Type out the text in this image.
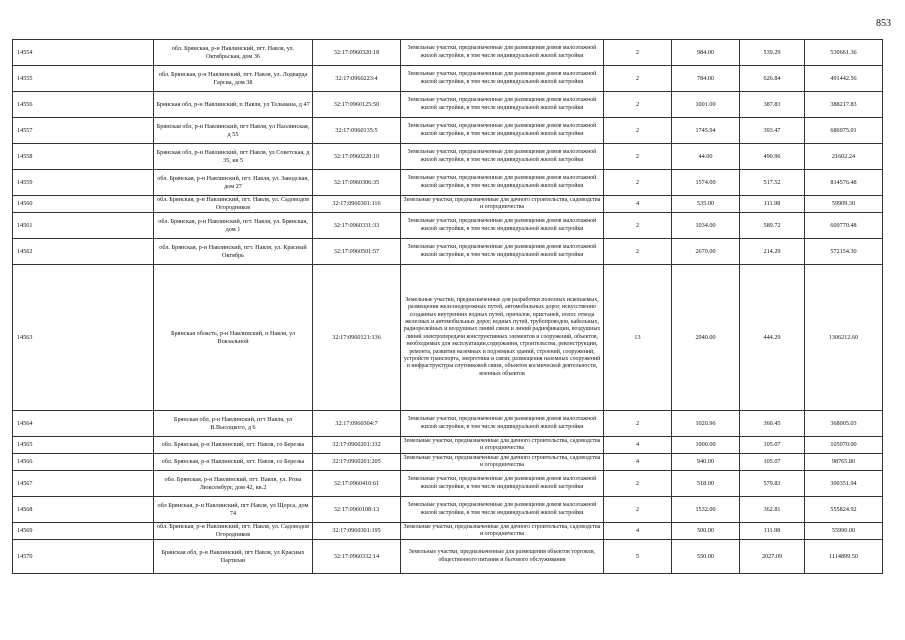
853
14554	обл. Брянская, р-н Навлинский, пгт. Навля, ул. Октябрьская, дом 36	32:17:0960320:18	Земельные участки, предназначенные для размещения домов малоэтажной жилой застройки, в том числе индивидуальной жилой застройки	2	984.00	539.29	530661.36
14555	обл. Брянская, р-н Навлинский, пгт. Навля, ул. Лодварда Гарсиа, дом 38	32:17:0960223:4	Земельные участки, предназначенные для размещения домов малоэтажной жилой застройки, в том числе индивидуальной жилой застройки	2	784.00	626.84	491442.56
14556	Брянская обл, р-н Навлинский, п Навля, ул Тельмана, д 47	32:17:0960125:50	Земельные участки, предназначенные для размещения домов малоэтажной жилой застройки, в том числе индивидуальной жилой застройки	2	1001.00	387.83	388217.83
14557	Брянская обл, р-н Навлинский, пгт Навля, ул Наолинская, д 55	32:17:0960135:5	Земельные участки, предназначенные для размещения домов малоэтажной жилой застройки, в том числе индивидуальной жилой застройки	2	1745.94	393.47	686975.01
14558	Брянская обл, р-н Навлинский, пгт Навля, ул Советская, д 35, кв 5	32:17:0960220:10	Земельные участки, предназначенные для размещения домов малоэтажной жилой застройки, в том числе индивидуальной жилой застройки	2	44.00	490.96	21602.24
14559	обл. Брянская, р-н Навлинский, пгт. Навля, ул. Заводская, дом 27	32:17:0960306:35	Земельные участки, предназначенные для размещения домов малоэтажной жилой застройки, в том числе индивидуальной жилой застройки	2	1574.00	517.52	814576.48
14560	обл. Брянская, р-н Навлинский, пгт. Навля, ул. Садоводов Огородников	32:17:0960301:116	Земельные участки, предназначенные для дачного строительства, садоводства и огородничества	4	535.00	111.98	59909.30
14561	обл. Брянская, р-н Навлинский, пгт. Навля, ул. Брянская, дом 1	32:17:0960331:33	Земельные участки, предназначенные для размещения домов малоэтажной жилой застройки, в том числе индивидуальной жилой застройки	2	1034.00	589.72	609770.48
14562	обл. Брянская, р-н Навлинский, пгт. Навля, ул. Красный Октябрь	32:17:0960501:57	Земельные участки, предназначенные для размещения домов малоэтажной жилой застройки, в том числе индивидуальной жилой застройки	2	2670.00	214.29	572154.30
14563	Брянская область, р-н Навлинский, п Навля, ул Вокзальной	32:17:0960121:136	Земельные участки, предназначенные для разработки полезных ископаемых, размещения железнодорожных путей, автомобильных дорог, искусственно созданных внутренних водных путей, причалов, пристаней, полос отвода железных и автомобильных дорог, водных путей, трубопроводов, кабельных, радиорелейных и воздушных линий связи и линий радиофикации, воздушных линий электропередачи конструктивных элементов и сооружений, объектов, необходимых для эксплуатации,содержания, строительства, реконструкции, ремонта, развития наземных и подземных зданий, строений, сооружений, устройств транспорта, энергетики и связи; размещения наземных сооружений и инфраструктуры спутниковой связи, объектов космической деятельности, военных объектов	13	2940.00	444.29	1306212.60
14564	Брянская обл, р-н Навлинский, пгт Навля, ул В.Высоцкого, д 6	32:17:0960304:7	Земельные участки, предназначенные для размещения домов малоэтажной жилой застройки, в том числе индивидуальной жилой застройки	2	1020.96	360.45	368005.03
14565	обл. Брянская, р-н Навлинский, пгт. Навля, со Березка	32:17:0960201:332	Земельные участки, предназначенные для дачного строительства, садоводства и огородничества	4	1000.00	105.07	105070.00
14566	обл. Брянская, р-н Навлинский, пгт. Навля, со Березка	32:17:0960201:205	Земельные участки, предназначенные для дачного строительства, садоводства и огородничества	4	940.00	105.07	98765.80
14567	обл. Брянская, р-н Навлинский, пгт. Навля, ул. Розы Люксембург, дом 42, кв.2	32:17:0960410:61	Земельные участки, предназначенные для размещения домов малоэтажной жилой застройки, в том числе индивидуальной жилой застройки	2	518.00	579.83	300351.94
14568	обл Брянская, р-н Навлинский, пгт Навля, ул Щорса, дом 74	32:17:0960108:13	Земельные участки, предназначенные для размещения домов малоэтажной жилой застройки, в том числе индивидуальной жилой застройки	2	1532.00	362.81	555824.92
14569	обл. Брянская, р-н Навлинский, пгт. Навля, ул. Садоводов Огородников	32:17:0960301:195	Земельные участки, предназначенные для дачного строительства, садоводства и огородничества	4	500.00	111.98	55990.00
14570	Брянская обл, р-н Навлинский, пгт Навля, ул Красных Партизан	32:17:0960332:14	Земельные участки, предназначенные для размещения объектов торговли, общественного питания и бытового обслуживания	5	550.00	2027.09	1114899.50
